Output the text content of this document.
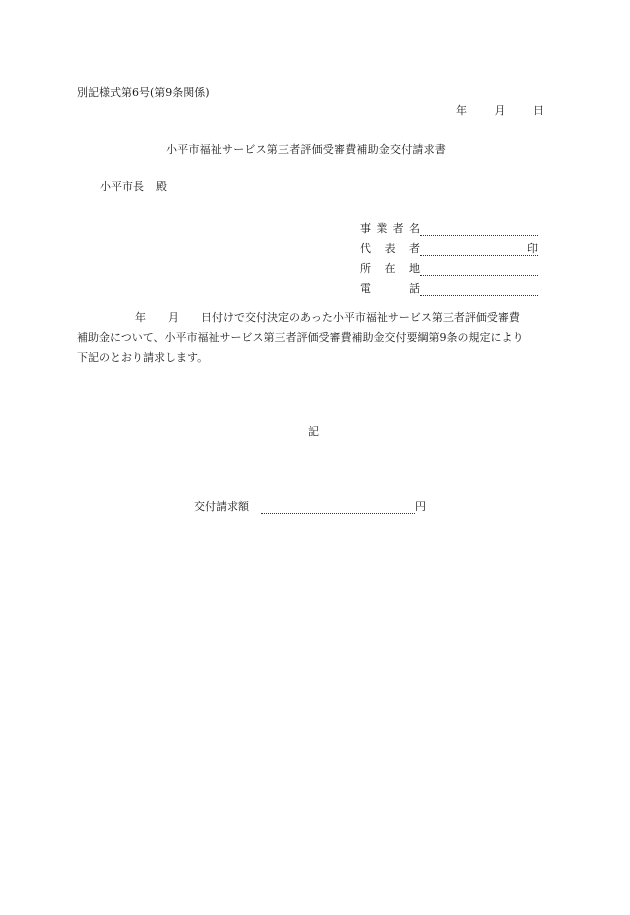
別記様式第6号(第9条関係)
年	月	日
小平市福祉サービス第三者評価受審費補助金交付請求書
小平市長 殿
事業者名
代表者	印
所在地
電話
年 月 日付けで交付決定のあった小平市福祉サービス第三者評価受審費
補助金について、小平市福祉サービス第三者評価受審費補助金交付要綱第9条の規定により
下記のとおり請求します。
記
交付請求額	円
